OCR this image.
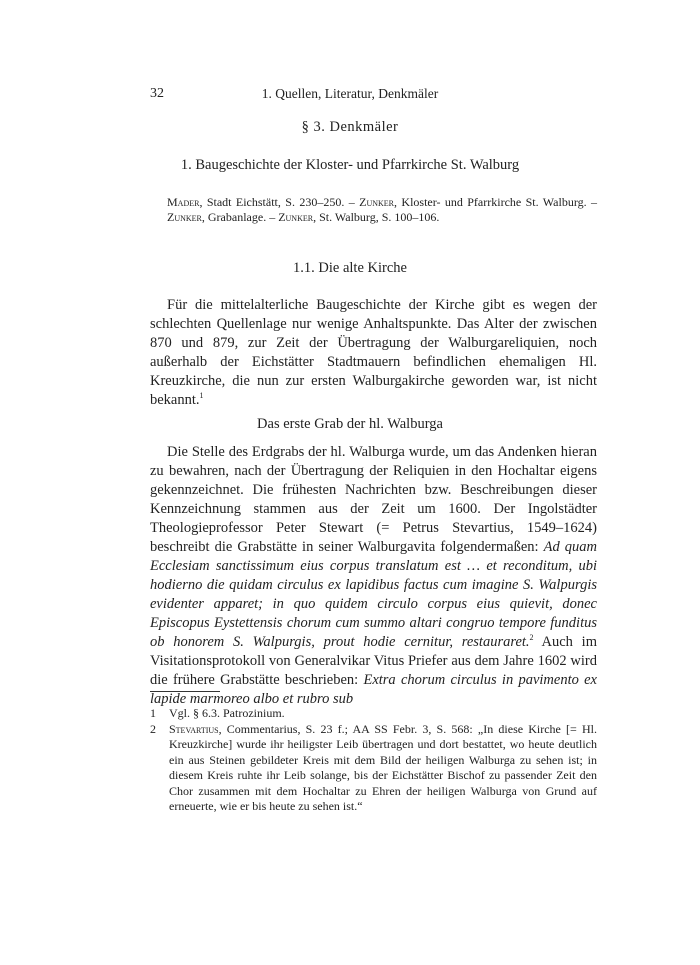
32	1. Quellen, Literatur, Denkmäler
§ 3. Denkmäler
1. Baugeschichte der Kloster- und Pfarrkirche St. Walburg
Mader, Stadt Eichstätt, S. 230–250. – Zunker, Kloster- und Pfarrkirche St. Walburg. – Zunker, Grabanlage. – Zunker, St. Walburg, S. 100–106.
1.1. Die alte Kirche

Für die mittelalterliche Baugeschichte der Kirche gibt es wegen der schlechten Quellenlage nur wenige Anhaltspunkte. Das Alter der zwischen 870 und 879, zur Zeit der Übertragung der Walburgareliquien, noch außerhalb der Eichstätter Stadtmauern befindlichen ehemaligen Hl. Kreuzkirche, die nun zur ersten Walburgakirche geworden war, ist nicht bekannt.$^1$

Das erste Grab der hl. Walburga

Die Stelle des Erdgrabs der hl. Walburga wurde, um das Andenken hieran zu bewahren, nach der Übertragung der Reliquien in den Hochaltar eigens gekennzeichnet. Die frühesten Nachrichten bzw. Beschreibungen dieser Kennzeichnung stammen aus der Zeit um 1600. Der Ingolstädter Theologieprofessor Peter Stewart (= Petrus Stevartius, 1549–1624) beschreibt die Grabstätte in seiner Walburgavita folgendermaßen: Ad quam Ecclesiam sanctissimum eius corpus translatum est … et reconditum, ubi hodierno die quidam circulus ex lapidibus factus cum imagine S. Walpurgis evidenter apparet; in quo quidem circulo corpus eius quievit, donec Episcopus Eystettensis chorum cum summo altari congruo tempore funditus ob honorem S. Walpurgis, prout hodie cernitur, restauraret.$^2$ Auch im Visitationsprotokoll von Generalvikar Vitus Priefer aus dem Jahre 1602 wird die frühere Grabstätte beschrieben: Extra chorum circulus in pavimento ex lapide marmoreo albo et rubro sub

1	Vgl. § 6.3. Patrozinium.
2	Stevartius, Commentarius, S. 23 f.; AA SS Febr. 3, S. 568: „In diese Kirche [= Hl. Kreuzkirche] wurde ihr heiligster Leib übertragen und dort bestattet, wo heute deutlich ein aus Steinen gebildeter Kreis mit dem Bild der heiligen Walburga zu sehen ist; in diesem Kreis ruhte ihr Leib solange, bis der Eichstätter Bischof zu passender Zeit den Chor zusammen mit dem Hochaltar zu Ehren der heiligen Walburga von Grund auf erneuerte, wie er bis heute zu sehen ist.“
